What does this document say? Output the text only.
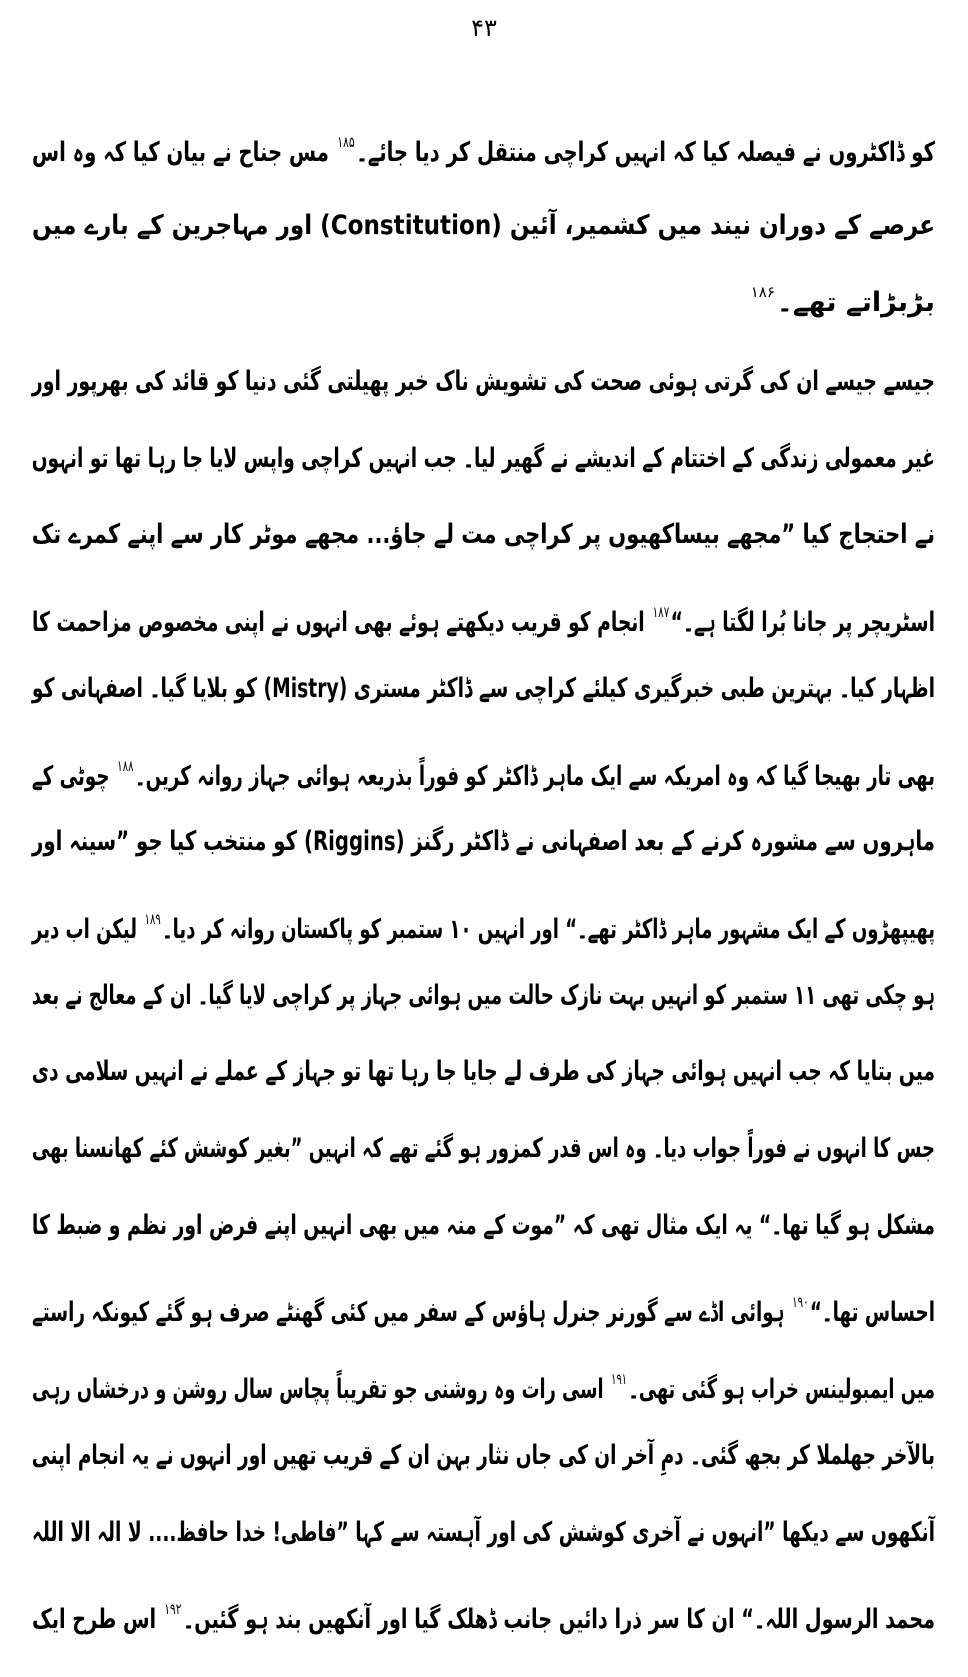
۴۳
کو ڈاکٹروں نے فیصلہ کیا کہ انہیں کراچی منتقل کر دیا جائے۔$^{۱۸۵}$ مس جناح نے بیان کیا کہ وہ اس
عرصے کے دوران نیند میں کشمیر، آئین (Constitution) اور مہاجرین کے بارے میں
بڑبڑاتے تھے۔$^{۱۸۶}$
جیسے جیسے ان کی گرتی ہوئی صحت کی تشویش ناک خبر پھیلتی گئی دنیا کو قائد کی بھرپور اور
غیر معمولی زندگی کے اختتام کے اندیشے نے گھیر لیا۔ جب انہیں کراچی واپس لایا جا رہا تھا تو انہوں
نے احتجاج کیا ”مجھے بیساکھیوں پر کراچی مت لے جاؤ... مجھے موٹر کار سے اپنے کمرے تک
اسٹریچر پر جانا بُرا لگتا ہے۔“$^{۱۸۷}$ انجام کو قریب دیکھتے ہوئے بھی انہوں نے اپنی مخصوص مزاحمت کا
اظہار کیا۔ بہترین طبی خبرگیری کیلئے کراچی سے ڈاکٹر مستری (Mistry) کو بلایا گیا۔ اصفہانی کو
بھی تار بھیجا گیا کہ وہ امریکہ سے ایک ماہر ڈاکٹر کو فوراً بذریعہ ہوائی جہاز روانہ کریں۔$^{۱۸۸}$ چوٹی کے
ماہروں سے مشورہ کرنے کے بعد اصفہانی نے ڈاکٹر رگنز (Riggins) کو منتخب کیا جو ”سینہ اور
پھیپھڑوں کے ایک مشہور ماہر ڈاکٹر تھے۔“ اور انہیں ۱۰ ستمبر کو پاکستان روانہ کر دیا۔$^{۱۸۹}$ لیکن اب دیر
ہو چکی تھی ۱۱ ستمبر کو انہیں بہت نازک حالت میں ہوائی جہاز پر کراچی لایا گیا۔ ان کے معالج نے بعد
میں بتایا کہ جب انہیں ہوائی جہاز کی طرف لے جایا جا رہا تھا تو جہاز کے عملے نے انہیں سلامی دی
جس کا انہوں نے فوراً جواب دیا۔ وہ اس قدر کمزور ہو گئے تھے کہ انہیں ”بغیر کوشش کئے کھانسنا بھی
مشکل ہو گیا تھا۔“ یہ ایک مثال تھی کہ ”موت کے منہ میں بھی انہیں اپنے فرض اور نظم و ضبط کا
احساس تھا۔“$^{۱۹۰}$ ہوائی اڈے سے گورنر جنرل ہاؤس کے سفر میں کئی گھنٹے صرف ہو گئے کیونکہ راستے
میں ایمبولینس خراب ہو گئی تھی۔$^{۱۹۱}$ اسی رات وہ روشنی جو تقریباً پچاس سال روشن و درخشاں رہی
بالآخر جھلملا کر بجھ گئی۔ دمِ آخر ان کی جاں نثار بہن ان کے قریب تھیں اور انہوں نے یہ انجام اپنی
آنکھوں سے دیکھا ”انہوں نے آخری کوشش کی اور آہستہ سے کہا ”فاطی! خدا حافظ.... لا الہ الا اللہ
محمد الرسول اللہ۔“ ان کا سر ذرا دائیں جانب ڈھلک گیا اور آنکھیں بند ہو گئیں۔$^{۱۹۲}$ اس طرح ایک
